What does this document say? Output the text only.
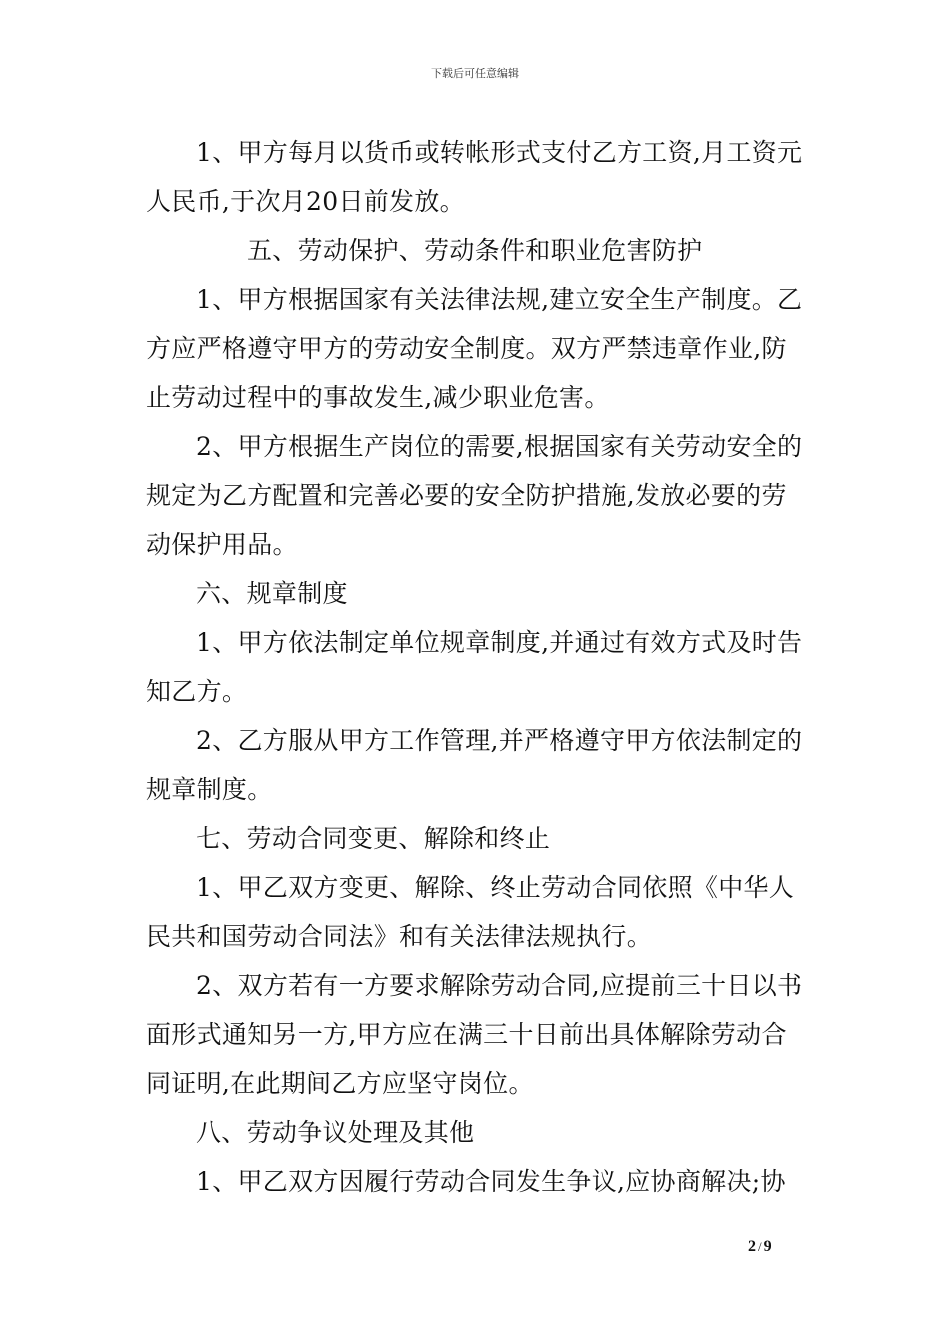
下载后可任意编辑

1、甲方每月以货币或转帐形式支付乙方工资,月工资元人民币,于次月20日前发放。

五、劳动保护、劳动条件和职业危害防护

1、甲方根据国家有关法律法规,建立安全生产制度。乙方应严格遵守甲方的劳动安全制度。双方严禁违章作业,防止劳动过程中的事故发生,减少职业危害。

2、甲方根据生产岗位的需要,根据国家有关劳动安全的规定为乙方配置和完善必要的安全防护措施,发放必要的劳动保护用品。

六、规章制度

1、甲方依法制定单位规章制度,并通过有效方式及时告知乙方。

2、乙方服从甲方工作管理,并严格遵守甲方依法制定的规章制度。

七、劳动合同变更、解除和终止

1、甲乙双方变更、解除、终止劳动合同依照《中华人民共和国劳动合同法》和有关法律法规执行。

2、双方若有一方要求解除劳动合同,应提前三十日以书面形式通知另一方,甲方应在满三十日前出具体解除劳动合同证明,在此期间乙方应坚守岗位。

八、劳动争议处理及其他

1、甲乙双方因履行劳动合同发生争议,应协商解决;协

2 / 9
